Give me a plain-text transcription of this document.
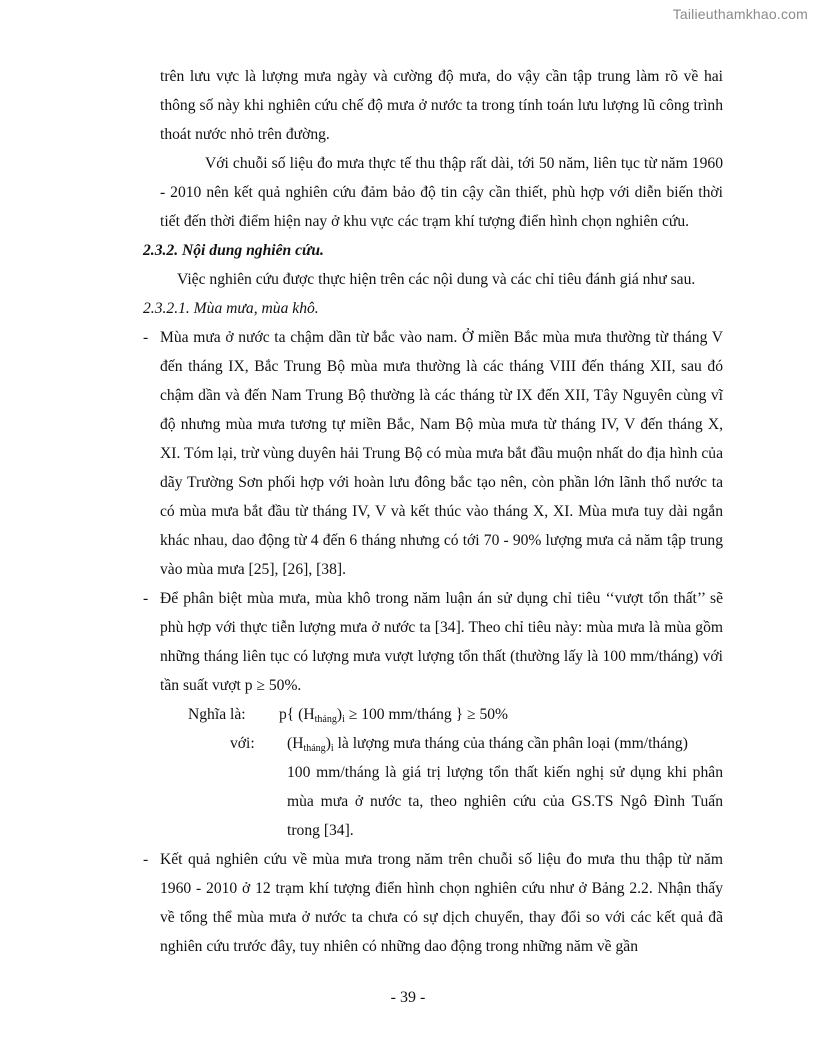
Tailieuthamkhao.com

trên lưu vực là lượng mưa ngày và cường độ mưa, do vậy cần tập trung làm rõ về hai thông số này khi nghiên cứu chế độ mưa ở nước ta trong tính toán lưu lượng lũ công trình thoát nước nhỏ trên đường.

Với chuỗi số liệu đo mưa thực tế thu thập rất dài, tới 50 năm, liên tục từ năm 1960 - 2010 nên kết quả nghiên cứu đảm bảo độ tin cậy cần thiết, phù hợp với diễn biến thời tiết đến thời điểm hiện nay ở khu vực các trạm khí tượng điển hình chọn nghiên cứu.

2.3.2. Nội dung nghiên cứu.

Việc nghiên cứu được thực hiện trên các nội dung và các chỉ tiêu đánh giá như sau.

2.3.2.1. Mùa mưa, mùa khô.

- Mùa mưa ở nước ta chậm dần từ bắc vào nam. Ở miền Bắc mùa mưa thường từ tháng V đến tháng IX, Bắc Trung Bộ mùa mưa thường là các tháng VIII đến tháng XII, sau đó chậm dần và đến Nam Trung Bộ thường là các tháng từ IX đến XII, Tây Nguyên cùng vĩ độ nhưng mùa mưa tương tự miền Bắc, Nam Bộ mùa mưa từ tháng IV, V đến tháng X, XI. Tóm lại, trừ vùng duyên hải Trung Bộ có mùa mưa bắt đầu muộn nhất do địa hình của dãy Trường Sơn phối hợp với hoàn lưu đông bắc tạo nên, còn phần lớn lãnh thổ nước ta có mùa mưa bắt đầu từ tháng IV, V và kết thúc vào tháng X, XI. Mùa mưa tuy dài ngắn khác nhau, dao động từ 4 đến 6 tháng nhưng có tới 70 - 90% lượng mưa cả năm tập trung vào mùa mưa [25], [26], [38].

- Để phân biệt mùa mưa, mùa khô trong năm luận án sử dụng chỉ tiêu ‘‘vượt tổn thất’’ sẽ phù hợp với thực tiễn lượng mưa ở nước ta [34]. Theo chỉ tiêu này: mùa mưa là mùa gồm những tháng liên tục có lượng mưa vượt lượng tổn thất (thường lấy là 100 mm/tháng) với tần suất vượt p ≥ 50%.

Nghĩa là: p{ $(H_{tháng})_i \ge 100$ mm/tháng } ≥ 50%
với: $(H_{tháng})_i$ là lượng mưa tháng của tháng cần phân loại (mm/tháng)

100 mm/tháng là giá trị lượng tổn thất kiến nghị sử dụng khi phân mùa mưa ở nước ta, theo nghiên cứu của GS.TS Ngô Đình Tuấn trong [34].

- Kết quả nghiên cứu về mùa mưa trong năm trên chuỗi số liệu đo mưa thu thập từ năm 1960 - 2010 ở 12 trạm khí tượng điển hình chọn nghiên cứu như ở Bảng 2.2. Nhận thấy về tổng thể mùa mưa ở nước ta chưa có sự dịch chuyển, thay đổi so với các kết quả đã nghiên cứu trước đây, tuy nhiên có những dao động trong những năm về gần

- 39 -
